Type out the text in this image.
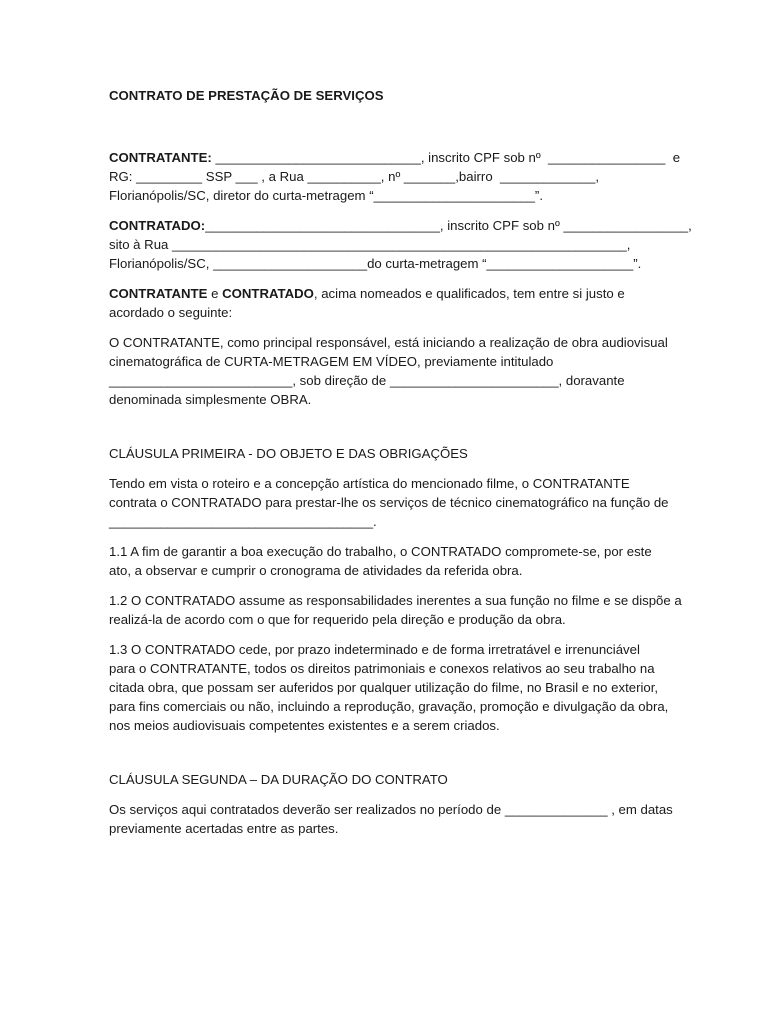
CONTRATO DE PRESTAÇÃO DE SERVIÇOS

CONTRATANTE: ____________________________, inscrito CPF sob nº  ________________  e
RG: _________ SSP ___ , a Rua __________, nº _______,bairro  _____________,
Florianópolis/SC, diretor do curta-metragem “______________________”.
CONTRATADO:________________________________, inscrito CPF sob nº _________________,
sito à Rua ______________________________________________________________,
Florianópolis/SC, _____________________do curta-metragem “____________________”.
CONTRATANTE e CONTRATADO, acima nomeados e qualificados, tem entre si justo e
acordado o seguinte:
O CONTRATANTE, como principal responsável, está iniciando a realização de obra audiovisual
cinematográfica de CURTA-METRAGEM EM VÍDEO, previamente intitulado
_________________________, sob direção de _______________________, doravante
denominada simplesmente OBRA.

CLÁUSULA PRIMEIRA - DO OBJETO E DAS OBRIGAÇÕES

Tendo em vista o roteiro e a concepção artística do mencionado filme, o CONTRATANTE
contrata o CONTRATADO para prestar-lhe os serviços de técnico cinematográfico na função de
____________________________________.
1.1 A fim de garantir a boa execução do trabalho, o CONTRATADO compromete-se, por este
ato, a observar e cumprir o cronograma de atividades da referida obra.
1.2 O CONTRATADO assume as responsabilidades inerentes a sua função no filme e se dispõe a
realizá-la de acordo com o que for requerido pela direção e produção da obra.
1.3 O CONTRATADO cede, por prazo indeterminado e de forma irretratável e irrenunciável
para o CONTRATANTE, todos os direitos patrimoniais e conexos relativos ao seu trabalho na
citada obra, que possam ser auferidos por qualquer utilização do filme, no Brasil e no exterior,
para fins comerciais ou não, incluindo a reprodução, gravação, promoção e divulgação da obra,
nos meios audiovisuais competentes existentes e a serem criados.

CLÁUSULA SEGUNDA – DA DURAÇÃO DO CONTRATO

Os serviços aqui contratados deverão ser realizados no período de ______________ , em datas
previamente acertadas entre as partes.
